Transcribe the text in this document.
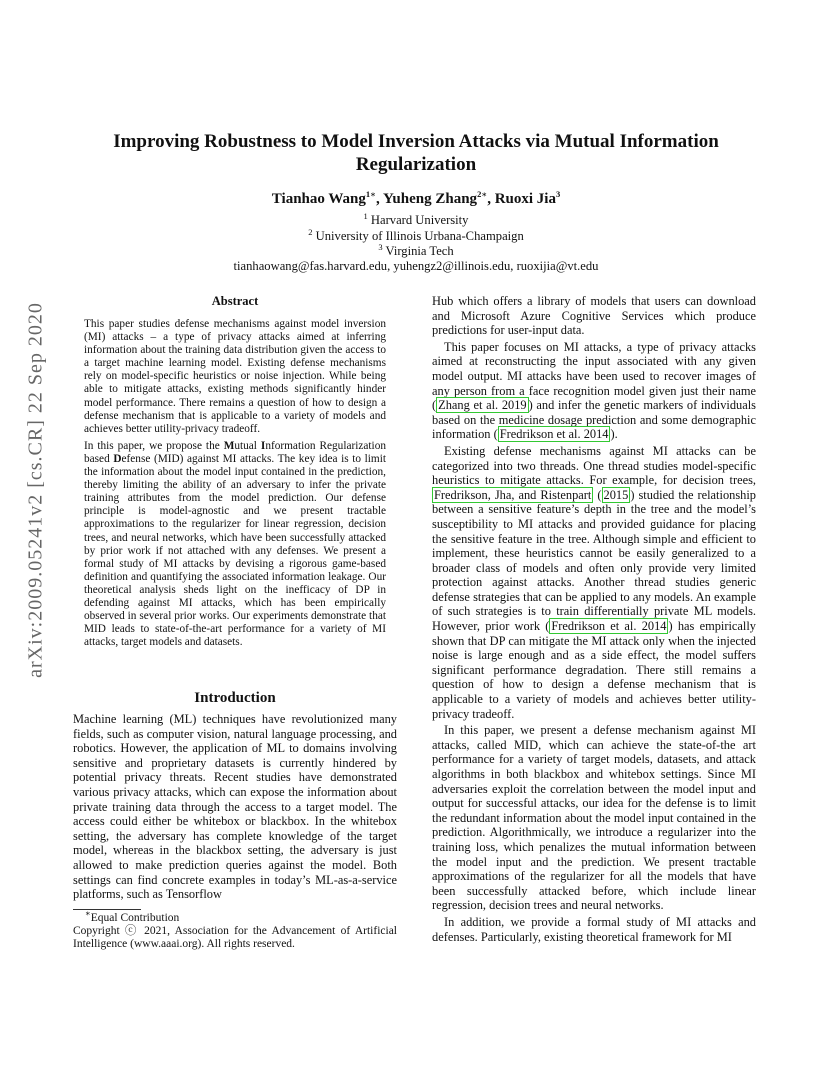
arXiv:2009.05241v2 [cs.CR] 22 Sep 2020
Improving Robustness to Model Inversion Attacks via Mutual Information Regularization
Tianhao Wang$^{1∗}$, Yuheng Zhang$^{2∗}$, Ruoxi Jia$^3$
$^1$ Harvard University
$^2$ University of Illinois Urbana-Champaign
$^3$ Virginia Tech
tianhaowang@fas.harvard.edu, yuhengz2@illinois.edu, ruoxijia@vt.edu
Abstract

This paper studies defense mechanisms against model inversion (MI) attacks – a type of privacy attacks aimed at inferring information about the training data distribution given the access to a target machine learning model. Existing defense mechanisms rely on model-specific heuristics or noise injection. While being able to mitigate attacks, existing methods significantly hinder model performance. There remains a question of how to design a defense mechanism that is applicable to a variety of models and achieves better utility-privacy tradeoff.

In this paper, we propose the Mutual Information Regularization based Defense (MID) against MI attacks. The key idea is to limit the information about the model input contained in the prediction, thereby limiting the ability of an adversary to infer the private training attributes from the model prediction. Our defense principle is model-agnostic and we present tractable approximations to the regularizer for linear regression, decision trees, and neural networks, which have been successfully attacked by prior work if not attached with any defenses. We present a formal study of MI attacks by devising a rigorous game-based definition and quantifying the associated information leakage. Our theoretical analysis sheds light on the inefficacy of DP in defending against MI attacks, which has been empirically observed in several prior works. Our experiments demonstrate that MID leads to state-of-the-art performance for a variety of MI attacks, target models and datasets.

Introduction

Machine learning (ML) techniques have revolutionized many fields, such as computer vision, natural language processing, and robotics. However, the application of ML to domains involving sensitive and proprietary datasets is currently hindered by potential privacy threats. Recent studies have demonstrated various privacy attacks, which can expose the information about private training data through the access to a target model. The access could either be whitebox or blackbox. In the whitebox setting, the adversary has complete knowledge of the target model, whereas in the blackbox setting, the adversary is just allowed to make prediction queries against the model. Both settings can find concrete examples in today’s ML-as-a-service platforms, such as Tensorflow

∗Equal Contribution
Copyright ⓒ 2021, Association for the Advancement of Artificial Intelligence (www.aaai.org). All rights reserved.

Hub which offers a library of models that users can download and Microsoft Azure Cognitive Services which produce predictions for user-input data.

This paper focuses on MI attacks, a type of privacy attacks aimed at reconstructing the input associated with any given model output. MI attacks have been used to recover images of any person from a face recognition model given just their name ( Zhang et al. 2019 ) and infer the genetic markers of individuals based on the medicine dosage prediction and some demographic information ( Fredrikson et al. 2014 ).

Existing defense mechanisms against MI attacks can be categorized into two threads. One thread studies model-specific heuristics to mitigate attacks. For example, for decision trees, Fredrikson, Jha, and Ristenpart ( 2015 ) studied the relationship between a sensitive feature’s depth in the tree and the model’s susceptibility to MI attacks and provided guidance for placing the sensitive feature in the tree. Although simple and efficient to implement, these heuristics cannot be easily generalized to a broader class of models and often only provide very limited protection against attacks. Another thread studies generic defense strategies that can be applied to any models. An example of such strategies is to train differentially private ML models. However, prior work ( Fredrikson et al. 2014 ) has empirically shown that DP can mitigate the MI attack only when the injected noise is large enough and as a side effect, the model suffers significant performance degradation. There still remains a question of how to design a defense mechanism that is applicable to a variety of models and achieves better utility-privacy tradeoff.

In this paper, we present a defense mechanism against MI attacks, called MID, which can achieve the state-of-the art performance for a variety of target models, datasets, and attack algorithms in both blackbox and whitebox settings. Since MI adversaries exploit the correlation between the model input and output for successful attacks, our idea for the defense is to limit the redundant information about the model input contained in the prediction. Algorithmically, we introduce a regularizer into the training loss, which penalizes the mutual information between the model input and the prediction. We present tractable approximations of the regularizer for all the models that have been successfully attacked before, which include linear regression, decision trees and neural networks.

In addition, we provide a formal study of MI attacks and defenses. Particularly, existing theoretical framework for MI
